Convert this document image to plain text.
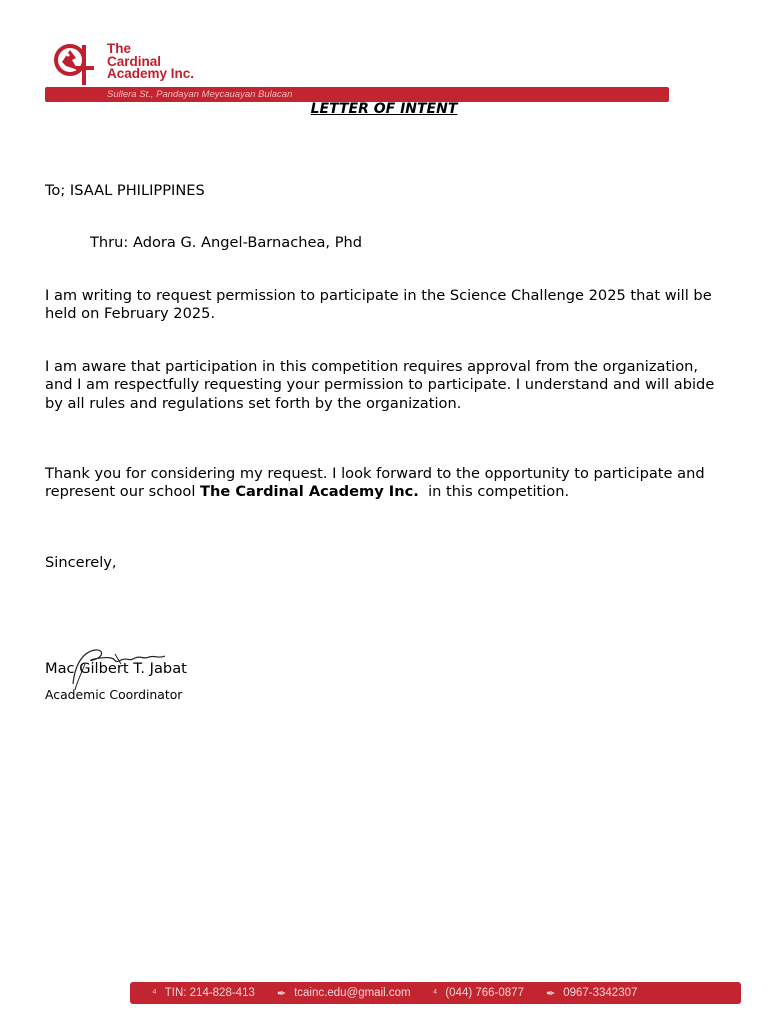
The
Cardinal
Academy Inc.
Sullera St., Pandayan Meycauayan Bulacan
LETTER OF INTENT
To; ISAAL PHILIPPINES
Thru: Adora G. Angel-Barnachea, Phd
I am writing to request permission to participate in the Science Challenge 2025 that will be held on February 2025.
I am aware that participation in this competition requires approval from the organization, and I am respectfully requesting your permission to participate. I understand and will abide by all rules and regulations set forth by the organization.
Thank you for considering my request. I look forward to the opportunity to participate and represent our school The Cardinal Academy Inc.  in this competition.
Sincerely,
Mac Gilbert T. Jabat
Academic Coordinator
⁴ TIN: 214-828-413 ✒ tcainc.edu@gmail.com ⁴ (044) 766-0877 ✒ 0967-3342307
